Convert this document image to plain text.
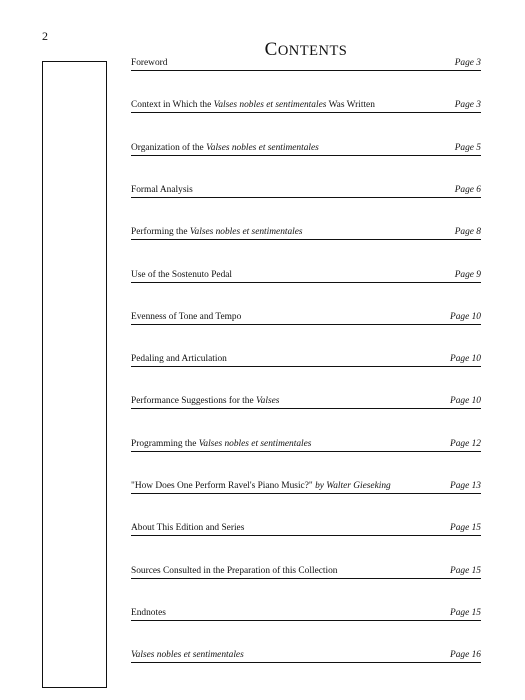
2
CONTENTS
Foreword	Page 3
Context in Which the Valses nobles et sentimentales Was Written	Page 3
Organization of the Valses nobles et sentimentales	Page 5
Formal Analysis	Page 6
Performing the Valses nobles et sentimentales	Page 8
Use of the Sostenuto Pedal	Page 9
Evenness of Tone and Tempo	Page 10
Pedaling and Articulation	Page 10
Performance Suggestions for the Valses	Page 10
Programming the Valses nobles et sentimentales	Page 12
"How Does One Perform Ravel's Piano Music?" by Walter Gieseking	Page 13
About This Edition and Series	Page 15
Sources Consulted in the Preparation of this Collection	Page 15
Endnotes	Page 15
Valses nobles et sentimentales	Page 16
